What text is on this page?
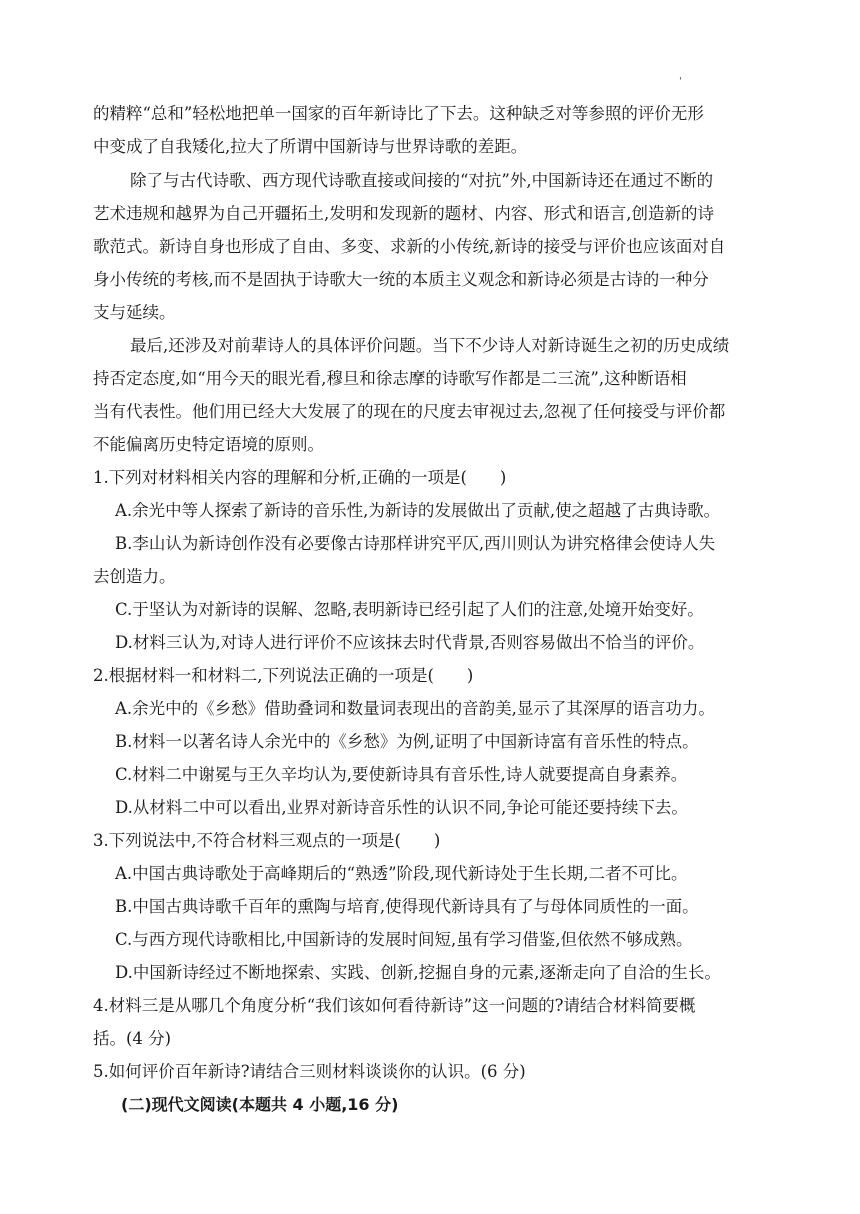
'
的精粹“总和”轻松地把单一国家的百年新诗比了下去。这种缺乏对等参照的评价无形
中变成了自我矮化,拉大了所谓中国新诗与世界诗歌的差距。
除了与古代诗歌、西方现代诗歌直接或间接的“对抗”外,中国新诗还在通过不断的
艺术违规和越界为自己开疆拓土,发明和发现新的题材、内容、形式和语言,创造新的诗
歌范式。新诗自身也形成了自由、多变、求新的小传统,新诗的接受与评价也应该面对自
身小传统的考核,而不是固执于诗歌大一统的本质主义观念和新诗必须是古诗的一种分
支与延续。
最后,还涉及对前辈诗人的具体评价问题。当下不少诗人对新诗诞生之初的历史成绩
持否定态度,如“用今天的眼光看,穆旦和徐志摩的诗歌写作都是二三流”,这种断语相
当有代表性。他们用已经大大发展了的现在的尺度去审视过去,忽视了任何接受与评价都
不能偏离历史特定语境的原则。
1.下列对材料相关内容的理解和分析,正确的一项是(　　)
A.余光中等人探索了新诗的音乐性,为新诗的发展做出了贡献,使之超越了古典诗歌。
B.李山认为新诗创作没有必要像古诗那样讲究平仄,西川则认为讲究格律会使诗人失
去创造力。
C.于坚认为对新诗的误解、忽略,表明新诗已经引起了人们的注意,处境开始变好。
D.材料三认为,对诗人进行评价不应该抹去时代背景,否则容易做出不恰当的评价。
2.根据材料一和材料二,下列说法正确的一项是(　　)
A.余光中的《乡愁》借助叠词和数量词表现出的音韵美,显示了其深厚的语言功力。
B.材料一以著名诗人余光中的《乡愁》为例,证明了中国新诗富有音乐性的特点。
C.材料二中谢冕与王久辛均认为,要使新诗具有音乐性,诗人就要提高自身素养。
D.从材料二中可以看出,业界对新诗音乐性的认识不同,争论可能还要持续下去。
3.下列说法中,不符合材料三观点的一项是(　　)
A.中国古典诗歌处于高峰期后的“熟透”阶段,现代新诗处于生长期,二者不可比。
B.中国古典诗歌千百年的熏陶与培育,使得现代新诗具有了与母体同质性的一面。
C.与西方现代诗歌相比,中国新诗的发展时间短,虽有学习借鉴,但依然不够成熟。
D.中国新诗经过不断地探索、实践、创新,挖掘自身的元素,逐渐走向了自洽的生长。
4.材料三是从哪几个角度分析“我们该如何看待新诗”这一问题的?请结合材料简要概
括。(4 分)
5.如何评价百年新诗?请结合三则材料谈谈你的认识。(6 分)
(二)现代文阅读(本题共 4 小题,16 分)
